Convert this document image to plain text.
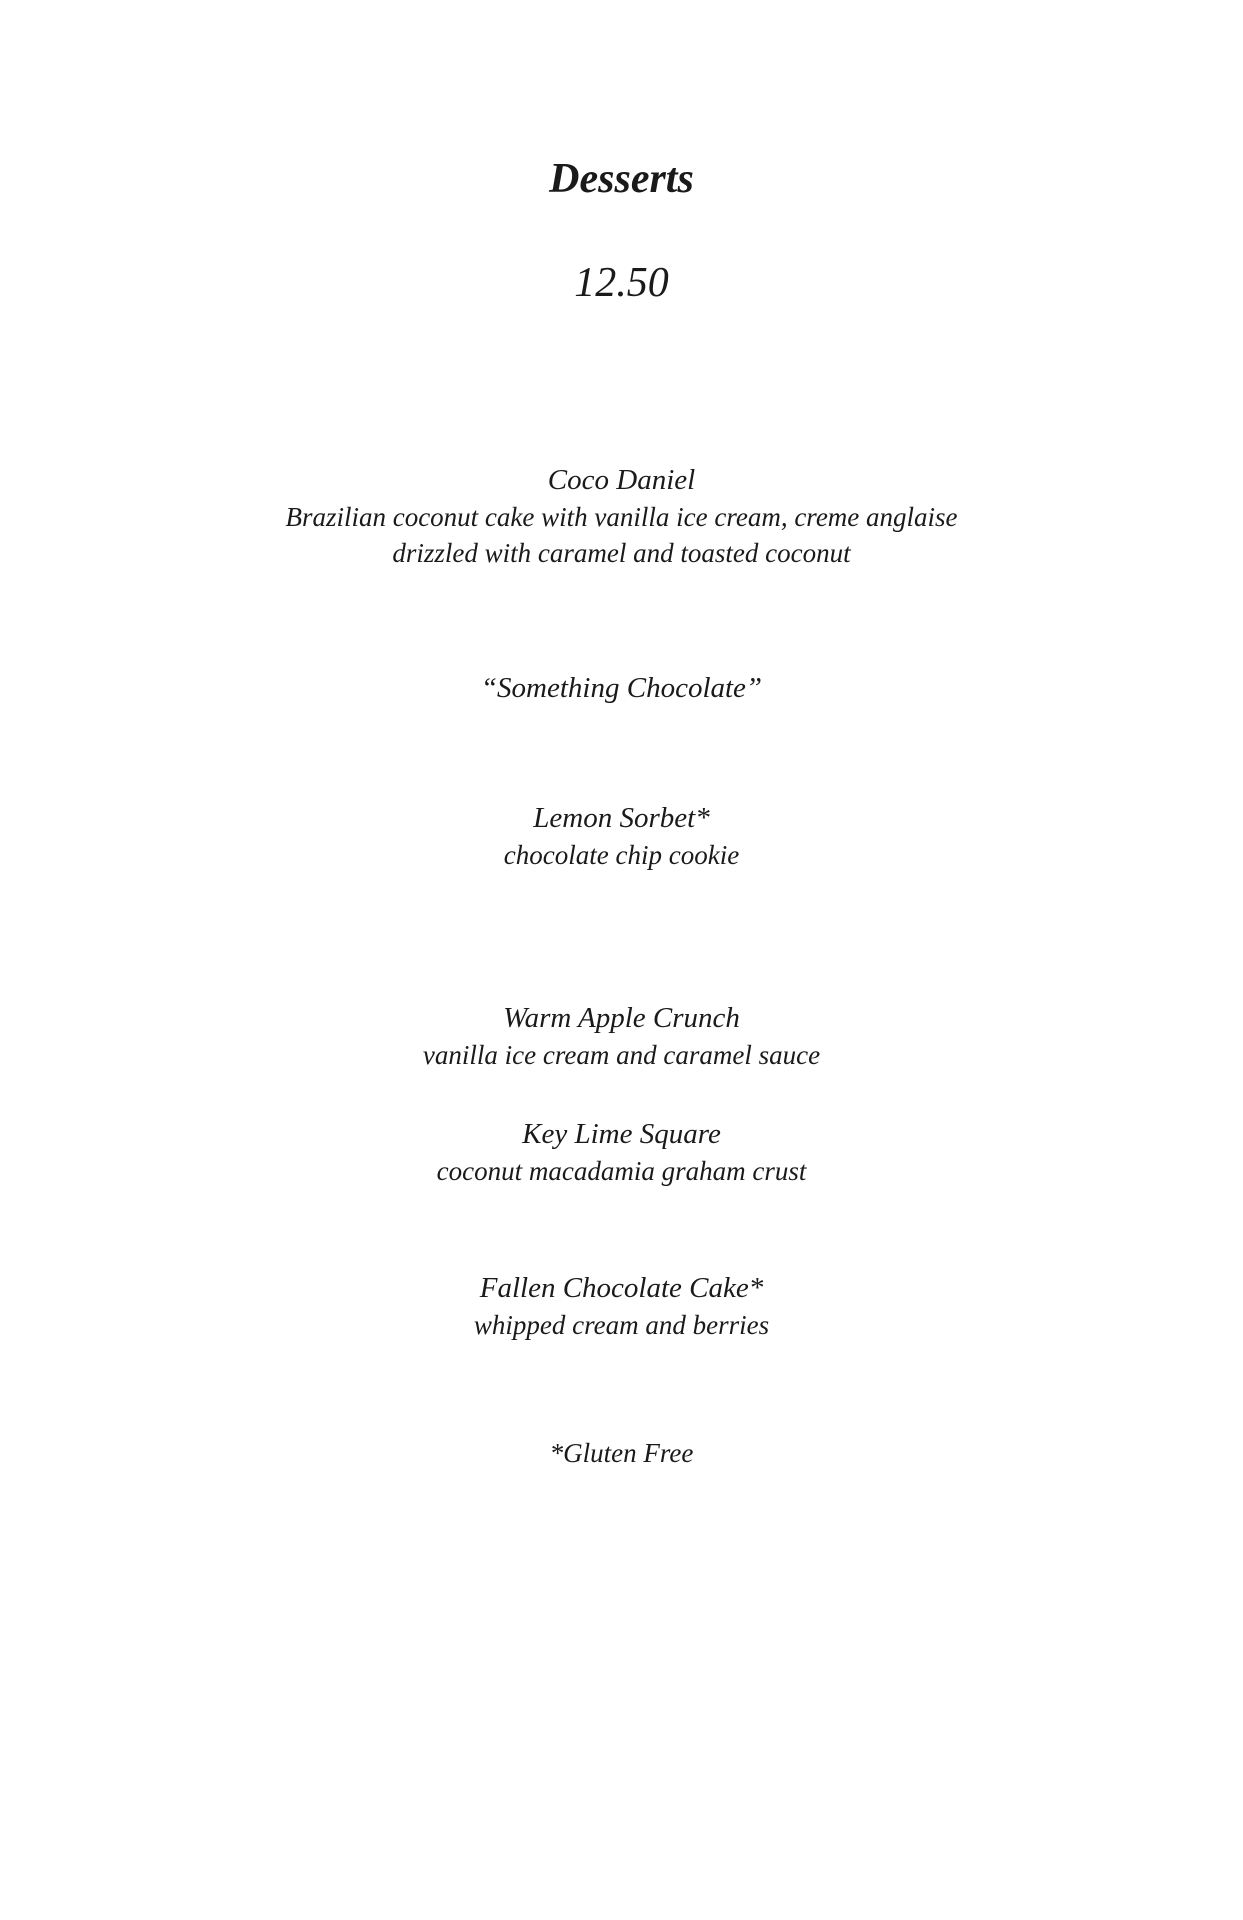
Desserts
12.50
Coco Daniel
Brazilian coconut cake with vanilla ice cream, creme anglaise
drizzled with caramel and toasted coconut
“Something Chocolate”
Lemon Sorbet*
chocolate chip cookie
Warm Apple Crunch
vanilla ice cream and caramel sauce
Key Lime Square
coconut macadamia graham crust
Fallen Chocolate Cake*
whipped cream and berries
*Gluten Free
